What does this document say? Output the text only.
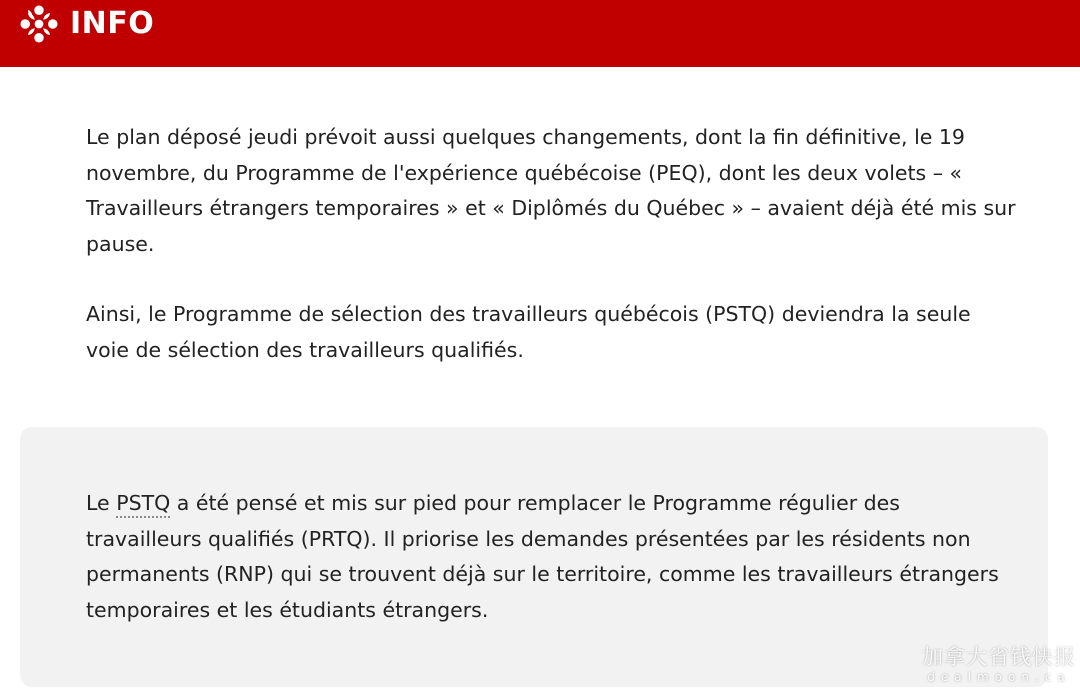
INFO

Le plan déposé jeudi prévoit aussi quelques changements, dont la fin définitive, le 19 novembre, du Programme de l'expérience québécoise (PEQ), dont les deux volets – « Travailleurs étrangers temporaires » et « Diplômés du Québec » – avaient déjà été mis sur pause.

Ainsi, le Programme de sélection des travailleurs québécois (PSTQ) deviendra la seule voie de sélection des travailleurs qualifiés.

Le PSTQ a été pensé et mis sur pied pour remplacer le Programme régulier des travailleurs qualifiés (PRTQ). Il priorise les demandes présentées par les résidents non permanents (RNP) qui se trouvent déjà sur le territoire, comme les travailleurs étrangers temporaires et les étudiants étrangers.

加拿大省钱快报
dealmoon.ca
